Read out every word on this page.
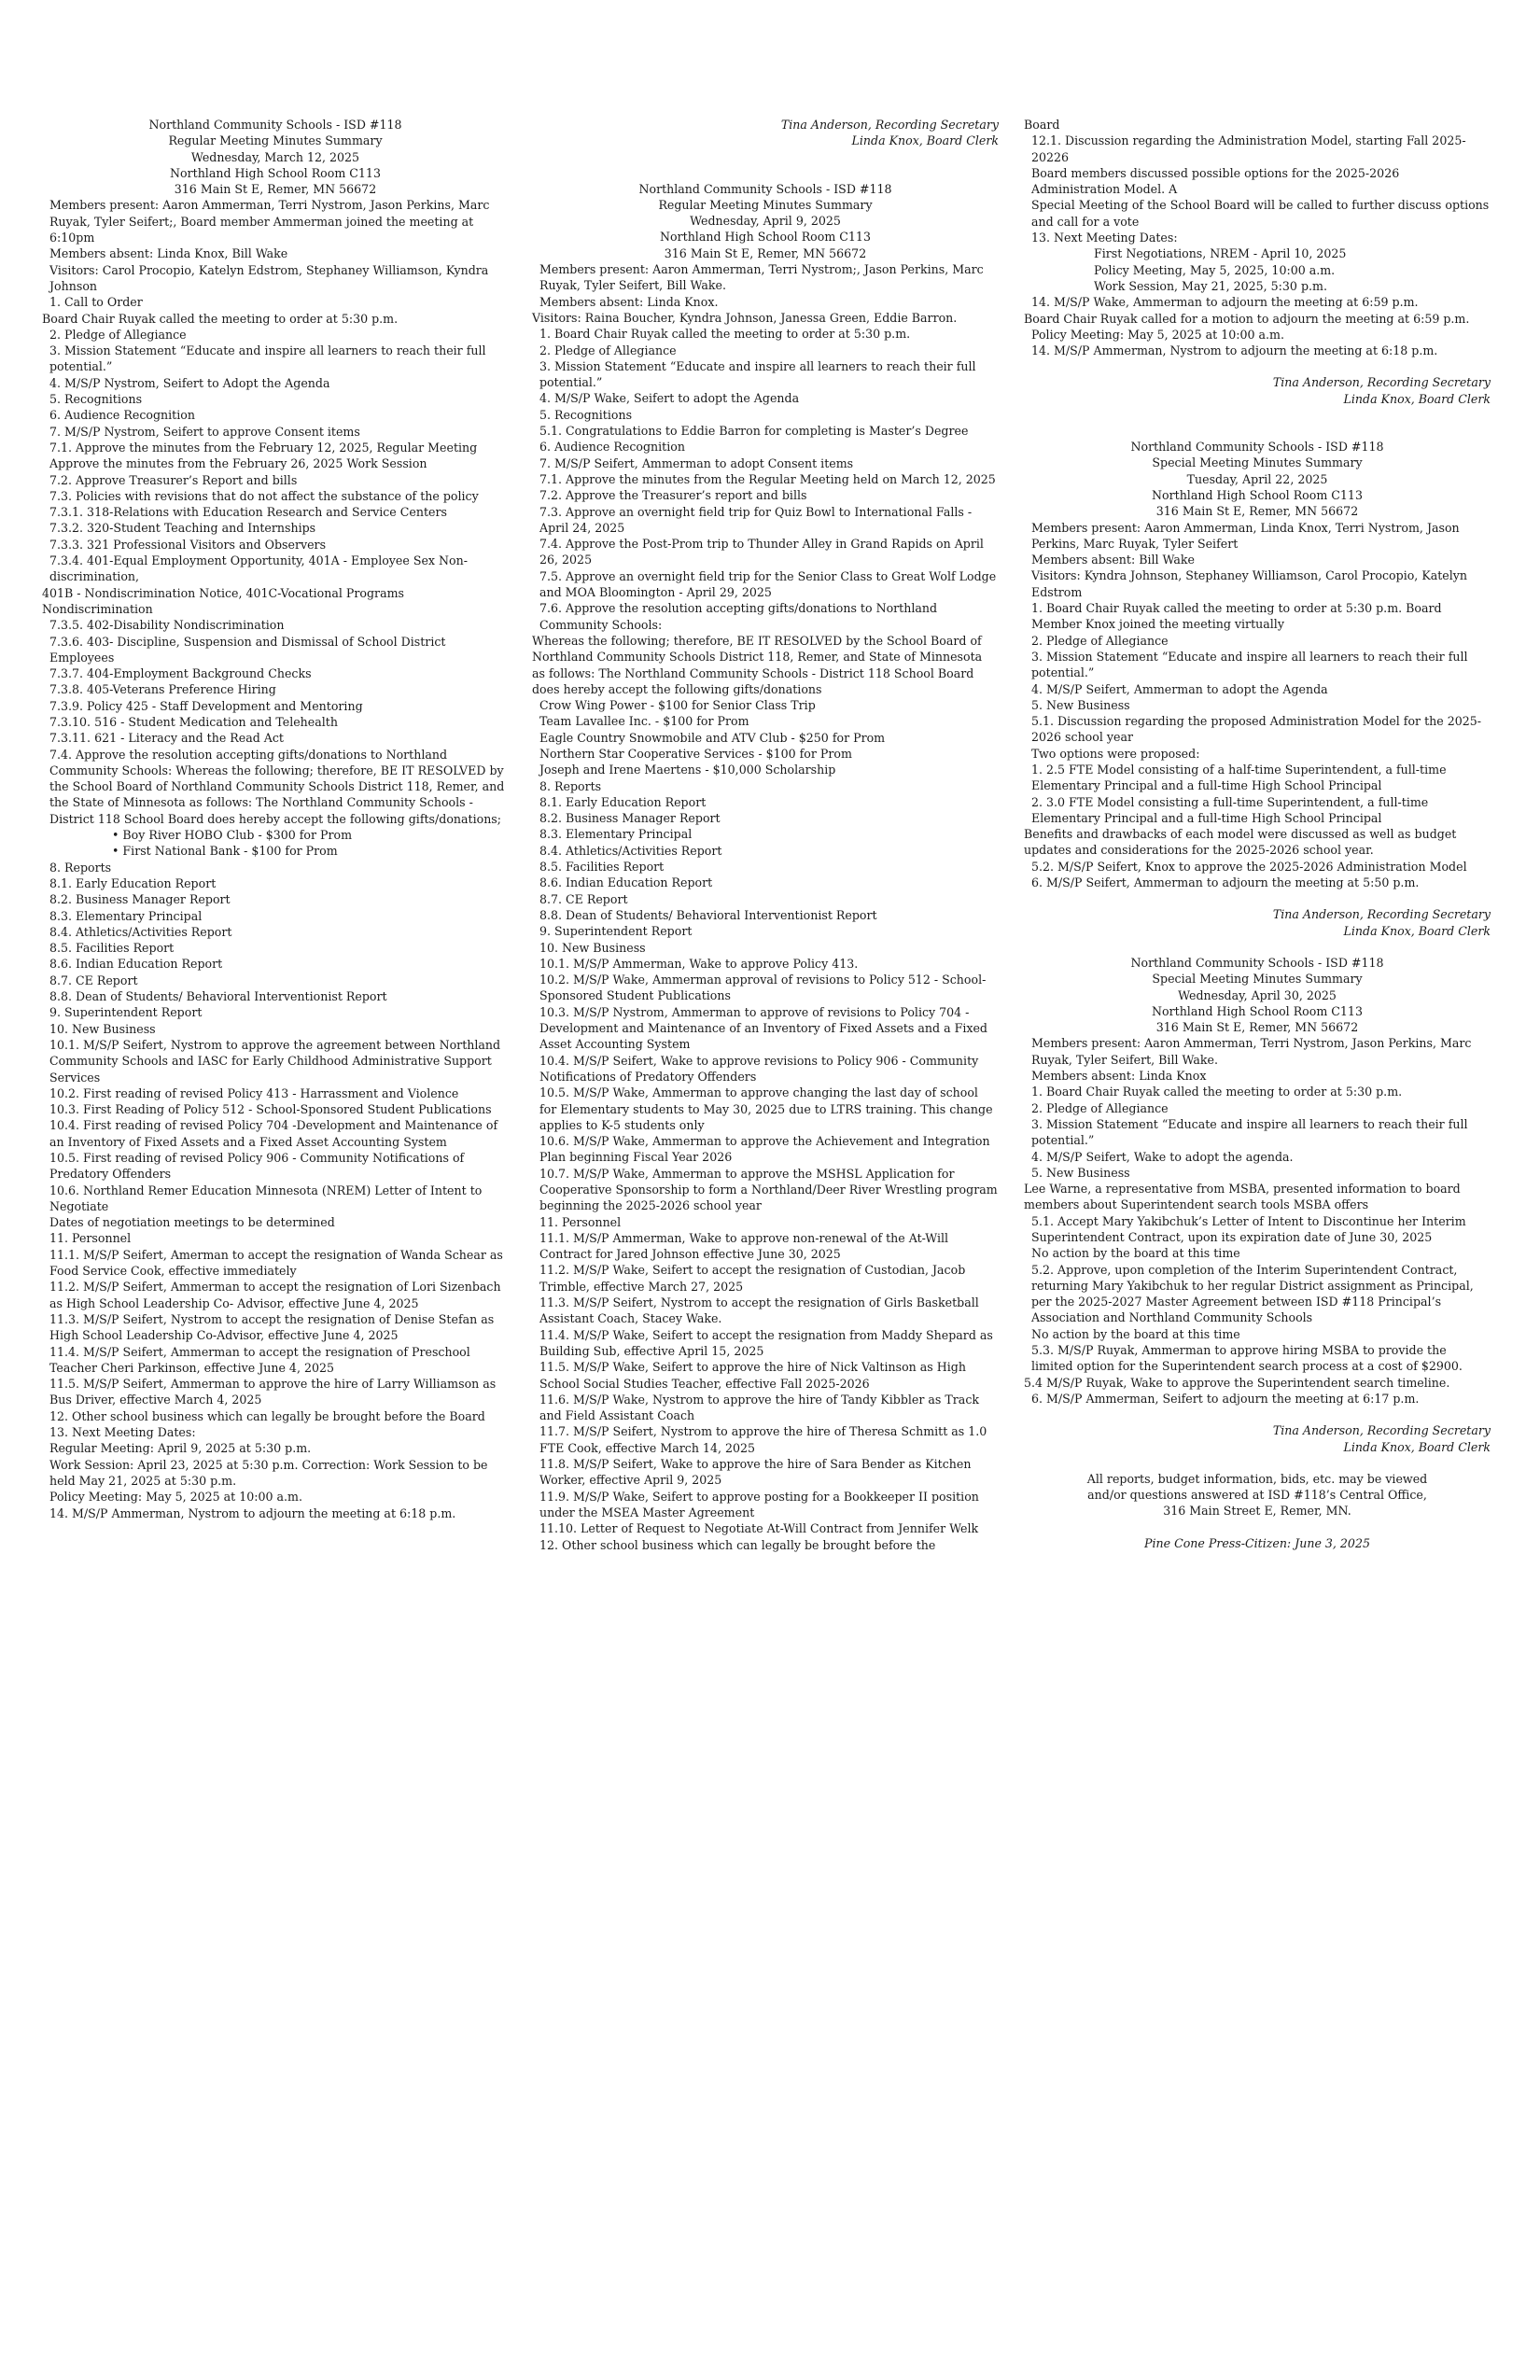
Northland Community Schools - ISD #118

Regular Meeting Minutes Summary

Wednesday, March 12, 2025

Northland High School Room C113

316 Main St E, Remer, MN 56672

Members present: Aaron Ammerman, Terri Nystrom, Jason Perkins, Marc Ruyak, Tyler Seifert;, Board member Ammerman joined the meeting at 6:10pm

Members absent: Linda Knox, Bill Wake

Visitors: Carol Procopio, Katelyn Edstrom, Stephaney Williamson, Kyndra Johnson

1. Call to Order

Board Chair Ruyak called the meeting to order at 5:30 p.m.

2. Pledge of Allegiance

3. Mission Statement “Educate and inspire all learners to reach their full potential.”

4. M/S/P Nystrom, Seifert to Adopt the Agenda

5. Recognitions

6. Audience Recognition

7. M/S/P Nystrom, Seifert to approve Consent items

7.1. Approve the minutes from the February 12, 2025, Regular Meeting Approve the minutes from the February 26, 2025 Work Session

7.2. Approve Treasurer’s Report and bills

7.3. Policies with revisions that do not affect the substance of the policy

7.3.1. 318-Relations with Education Research and Service Centers

7.3.2. 320-Student Teaching and Internships

7.3.3. 321 Professional Visitors and Observers

7.3.4. 401-Equal Employment Opportunity, 401A - Employee Sex Non-discrimination,

401B - Nondiscrimination Notice, 401C-Vocational Programs Nondiscrimination

7.3.5. 402-Disability Nondiscrimination

7.3.6. 403- Discipline, Suspension and Dismissal of School District Employees

7.3.7. 404-Employment Background Checks

7.3.8. 405-Veterans Preference Hiring

7.3.9. Policy 425 - Staff Development and Mentoring

7.3.10. 516 - Student Medication and Telehealth

7.3.11. 621 - Literacy and the Read Act

7.4. Approve the resolution accepting gifts/donations to Northland Community Schools: Whereas the following; therefore, BE IT RESOLVED by the School Board of Northland Community Schools District 118, Remer, and the State of Minnesota as follows: The Northland Community Schools - District 118 School Board does hereby accept the following gifts/donations;

• Boy River HOBO Club - $300 for Prom

• First National Bank - $100 for Prom

8. Reports

8.1. Early Education Report

8.2. Business Manager Report

8.3. Elementary Principal

8.4. Athletics/Activities Report

8.5. Facilities Report

8.6. Indian Education Report

8.7. CE Report

8.8. Dean of Students/ Behavioral Interventionist Report

9. Superintendent Report

10. New Business

10.1. M/S/P Seifert, Nystrom to approve the agreement between Northland Community Schools and IASC for Early Childhood Administrative Support Services

10.2. First reading of revised Policy 413 - Harrassment and Violence

10.3. First Reading of Policy 512 - School-Sponsored Student Publications

10.4. First reading of revised Policy 704 -Development and Maintenance of an Inventory of Fixed Assets and a Fixed Asset Accounting System

10.5. First reading of revised Policy 906 - Community Notifications of Predatory Offenders

10.6. Northland Remer Education Minnesota (NREM) Letter of Intent to Negotiate

Dates of negotiation meetings to be determined

11. Personnel

11.1. M/S/P Seifert, Amerman to accept the resignation of Wanda Schear as Food Service Cook, effective immediately

11.2. M/S/P Seifert, Ammerman to accept the resignation of Lori Sizenbach as High School Leadership Co- Advisor, effective June 4, 2025

11.3. M/S/P Seifert, Nystrom to accept the resignation of Denise Stefan as High School Leadership Co-Advisor, effective June 4, 2025

11.4. M/S/P Seifert, Ammerman to accept the resignation of Preschool Teacher Cheri Parkinson, effective June 4, 2025

11.5. M/S/P Seifert, Ammerman to approve the hire of Larry Williamson as Bus Driver, effective March 4, 2025

12. Other school business which can legally be brought before the Board

13. Next Meeting Dates:

Regular Meeting: April 9, 2025 at 5:30 p.m.

Work Session: April 23, 2025 at 5:30 p.m. Correction: Work Session to be held May 21, 2025 at 5:30 p.m.

Policy Meeting: May 5, 2025 at 10:00 a.m.

14. M/S/P Ammerman, Nystrom to adjourn the meeting at 6:18 p.m.

Tina Anderson, Recording Secretary

Linda Knox, Board Clerk

Northland Community Schools - ISD #118

Regular Meeting Minutes Summary

Wednesday, April 9, 2025

Northland High School Room C113

316 Main St E, Remer, MN 56672

Members present: Aaron Ammerman, Terri Nystrom;, Jason Perkins, Marc Ruyak, Tyler Seifert, Bill Wake.

Members absent: Linda Knox.

Visitors: Raina Boucher, Kyndra Johnson, Janessa Green, Eddie Barron.

1. Board Chair Ruyak called the meeting to order at 5:30 p.m.

2. Pledge of Allegiance

3. Mission Statement “Educate and inspire all learners to reach their full potential.”

4. M/S/P Wake, Seifert to adopt the Agenda

5. Recognitions

5.1. Congratulations to Eddie Barron for completing is Master’s Degree

6. Audience Recognition

7. M/S/P Seifert, Ammerman to adopt Consent items

7.1. Approve the minutes from the Regular Meeting held on March 12, 2025

7.2. Approve the Treasurer’s report and bills

7.3. Approve an overnight field trip for Quiz Bowl to International Falls - April 24, 2025

7.4. Approve the Post-Prom trip to Thunder Alley in Grand Rapids on April 26, 2025

7.5. Approve an overnight field trip for the Senior Class to Great Wolf Lodge and MOA Bloomington - April 29, 2025

7.6. Approve the resolution accepting gifts/donations to Northland Community Schools:

Whereas the following; therefore, BE IT RESOLVED by the School Board of Northland Community Schools District 118, Remer, and State of Minnesota as follows: The Northland Community Schools - District 118 School Board does hereby accept the following gifts/donations

Crow Wing Power - $100 for Senior Class Trip

Team Lavallee Inc. - $100 for Prom

Eagle Country Snowmobile and ATV Club - $250 for Prom

Northern Star Cooperative Services - $100 for Prom

Joseph and Irene Maertens - $10,000 Scholarship

8. Reports

8.1. Early Education Report

8.2. Business Manager Report

8.3. Elementary Principal

8.4. Athletics/Activities Report

8.5. Facilities Report

8.6. Indian Education Report

8.7. CE Report

8.8. Dean of Students/ Behavioral Interventionist Report

9. Superintendent Report

10. New Business

10.1. M/S/P Ammerman, Wake to approve Policy 413.

10.2. M/S/P Wake, Ammerman approval of revisions to Policy 512 - School-Sponsored Student Publications

10.3. M/S/P Nystrom, Ammerman to approve of revisions to Policy 704 -Development and Maintenance of an Inventory of Fixed Assets and a Fixed Asset Accounting System

10.4. M/S/P Seifert, Wake to approve revisions to Policy 906 - Community Notifications of Predatory Offenders

10.5. M/S/P Wake, Ammerman to approve changing the last day of school for Elementary students to May 30, 2025 due to LTRS training. This change applies to K-5 students only

10.6. M/S/P Wake, Ammerman to approve the Achievement and Integration Plan beginning Fiscal Year 2026

10.7. M/S/P Wake, Ammerman to approve the MSHSL Application for Cooperative Sponsorship to form a Northland/Deer River Wrestling program beginning the 2025-2026 school year

11. Personnel

11.1. M/S/P Ammerman, Wake to approve non-renewal of the At-Will Contract for Jared Johnson effective June 30, 2025

11.2. M/S/P Wake, Seifert to accept the resignation of Custodian, Jacob Trimble, effective March 27, 2025

11.3. M/S/P Seifert, Nystrom to accept the resignation of Girls Basketball Assistant Coach, Stacey Wake.

11.4. M/S/P Wake, Seifert to accept the resignation from Maddy Shepard as Building Sub, effective April 15, 2025

11.5. M/S/P Wake, Seifert to approve the hire of Nick Valtinson as High School Social Studies Teacher, effective Fall 2025-2026

11.6. M/S/P Wake, Nystrom to approve the hire of Tandy Kibbler as Track and Field Assistant Coach

11.7. M/S/P Seifert, Nystrom to approve the hire of Theresa Schmitt as 1.0 FTE Cook, effective March 14, 2025

11.8. M/S/P Seifert, Wake to approve the hire of Sara Bender as Kitchen Worker, effective April 9, 2025

11.9. M/S/P Wake, Seifert to approve posting for a Bookkeeper II position under the MSEA Master Agreement

11.10. Letter of Request to Negotiate At-Will Contract from Jennifer Welk

12. Other school business which can legally be brought before the

Board

12.1. Discussion regarding the Administration Model, starting Fall 2025-20226

Board members discussed possible options for the 2025-2026 Administration Model. A

Special Meeting of the School Board will be called to further discuss options and call for a vote

13. Next Meeting Dates:

First Negotiations, NREM - April 10, 2025

Policy Meeting, May 5, 2025, 10:00 a.m.

Work Session, May 21, 2025, 5:30 p.m.

14. M/S/P Wake, Ammerman to adjourn the meeting at 6:59 p.m.

Board Chair Ruyak called for a motion to adjourn the meeting at 6:59 p.m.

Policy Meeting: May 5, 2025 at 10:00 a.m.

14. M/S/P Ammerman, Nystrom to adjourn the meeting at 6:18 p.m.

Tina Anderson, Recording Secretary

Linda Knox, Board Clerk

Northland Community Schools - ISD #118

Special Meeting Minutes Summary

Tuesday, April 22, 2025

Northland High School Room C113

316 Main St E, Remer, MN 56672

Members present: Aaron Ammerman, Linda Knox, Terri Nystrom, Jason Perkins, Marc Ruyak, Tyler Seifert

Members absent: Bill Wake

Visitors: Kyndra Johnson, Stephaney Williamson, Carol Procopio, Katelyn Edstrom

1. Board Chair Ruyak called the meeting to order at 5:30 p.m. Board Member Knox joined the meeting virtually

2. Pledge of Allegiance

3. Mission Statement “Educate and inspire all learners to reach their full potential.”

4. M/S/P Seifert, Ammerman to adopt the Agenda

5. New Business

5.1. Discussion regarding the proposed Administration Model for the 2025-2026 school year

Two options were proposed:

1. 2.5 FTE Model consisting of a half-time Superintendent, a full-time Elementary Principal and a full-time High School Principal

2. 3.0 FTE Model consisting a full-time Superintendent, a full-time Elementary Principal and a full-time High School Principal

Benefits and drawbacks of each model were discussed as well as budget updates and considerations for the 2025-2026 school year.

5.2. M/S/P Seifert, Knox to approve the 2025-2026 Administration Model

6. M/S/P Seifert, Ammerman to adjourn the meeting at 5:50 p.m.

Tina Anderson, Recording Secretary

Linda Knox, Board Clerk

Northland Community Schools - ISD #118

Special Meeting Minutes Summary

Wednesday, April 30, 2025

Northland High School Room C113

316 Main St E, Remer, MN 56672

Members present: Aaron Ammerman, Terri Nystrom, Jason Perkins, Marc Ruyak, Tyler Seifert, Bill Wake.

Members absent: Linda Knox

1. Board Chair Ruyak called the meeting to order at 5:30 p.m.

2. Pledge of Allegiance

3. Mission Statement “Educate and inspire all learners to reach their full potential.”

4. M/S/P Seifert, Wake to adopt the agenda.

5. New Business

Lee Warne, a representative from MSBA, presented information to board members about Superintendent search tools MSBA offers

5.1. Accept Mary Yakibchuk’s Letter of Intent to Discontinue her Interim Superintendent Contract, upon its expiration date of June 30, 2025

No action by the board at this time

5.2. Approve, upon completion of the Interim Superintendent Contract, returning Mary Yakibchuk to her regular District assignment as Principal, per the 2025-2027 Master Agreement between ISD #118 Principal’s Association and Northland Community Schools

No action by the board at this time

5.3. M/S/P Ruyak, Ammerman to approve hiring MSBA to provide the limited option for the Superintendent search process at a cost of $2900.

5.4 M/S/P Ruyak, Wake to approve the Superintendent search timeline.

6. M/S/P Ammerman, Seifert to adjourn the meeting at 6:17 p.m.

Tina Anderson, Recording Secretary

Linda Knox, Board Clerk

All reports, budget information, bids, etc. may be viewed

and/or questions answered at ISD #118’s Central Office,

316 Main Street E, Remer, MN.

Pine Cone Press-Citizen: June 3, 2025
